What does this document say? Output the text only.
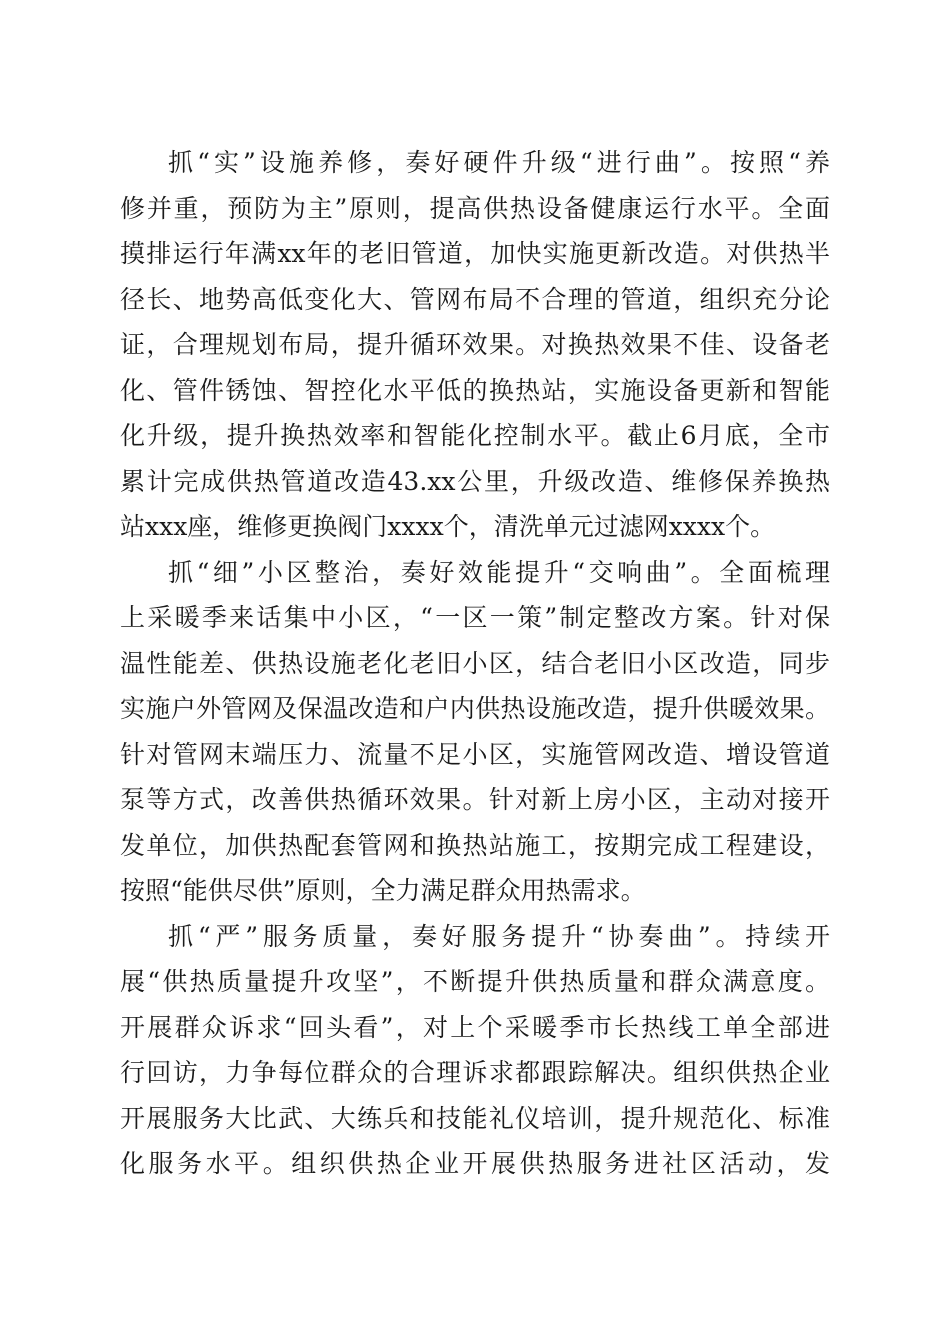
抓“实”设施养修，奏好硬件升级“进行曲”。按照“养
修并重，预防为主”原则，提高供热设备健康运行水平。全面
摸排运行年满xx年的老旧管道，加快实施更新改造。对供热半
径长、地势高低变化大、管网布局不合理的管道，组织充分论
证，合理规划布局，提升循环效果。对换热效果不佳、设备老
化、管件锈蚀、智控化水平低的换热站，实施设备更新和智能
化升级，提升换热效率和智能化控制水平。截止6月底，全市
累计完成供热管道改造43.xx公里，升级改造、维修保养换热
站xxx座，维修更换阀门xxxx个，清洗单元过滤网xxxx个。
抓“细”小区整治，奏好效能提升“交响曲”。全面梳理
上采暖季来话集中小区，“一区一策”制定整改方案。针对保
温性能差、供热设施老化老旧小区，结合老旧小区改造，同步
实施户外管网及保温改造和户内供热设施改造，提升供暖效果。
针对管网末端压力、流量不足小区，实施管网改造、增设管道
泵等方式，改善供热循环效果。针对新上房小区，主动对接开
发单位，加供热配套管网和换热站施工，按期完成工程建设，
按照“能供尽供”原则，全力满足群众用热需求。
抓“严”服务质量，奏好服务提升“协奏曲”。持续开
展“供热质量提升攻坚”，不断提升供热质量和群众满意度。
开展群众诉求“回头看”，对上个采暖季市长热线工单全部进
行回访，力争每位群众的合理诉求都跟踪解决。组织供热企业
开展服务大比武、大练兵和技能礼仪培训，提升规范化、标准
化服务水平。组织供热企业开展供热服务进社区活动，发
